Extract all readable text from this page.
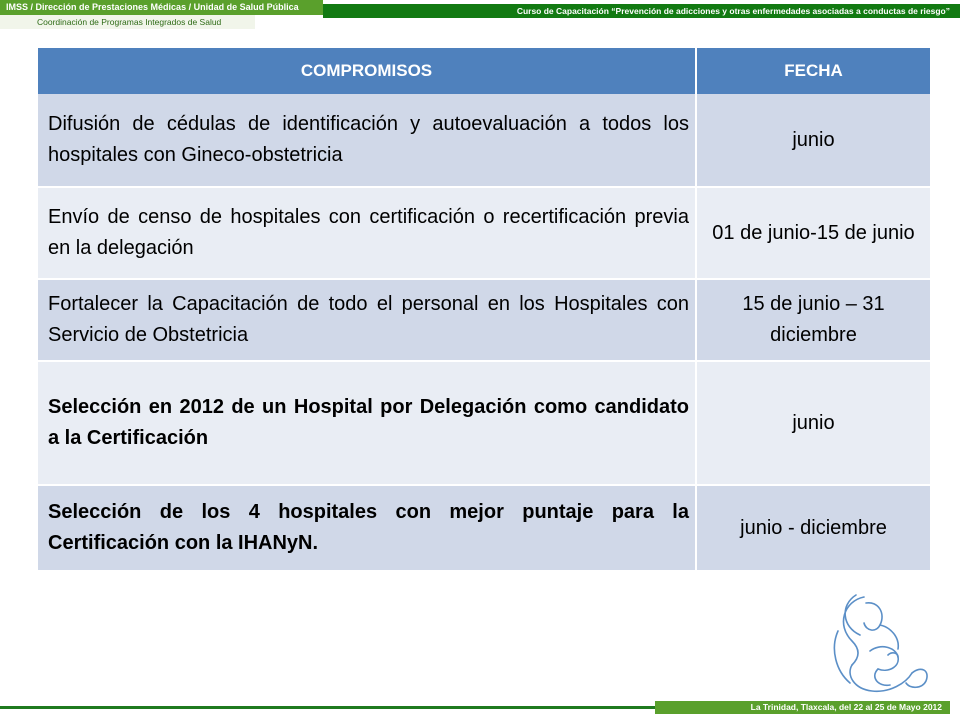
IMSS / Dirección de Prestaciones Médicas / Unidad de Salud Pública	Curso de Capacitación “Prevención de adicciones y otras enfermedades asociadas a conductas de riesgo”
Coordinación de Programas Integrados de Salud
COMPROMISOS	FECHA
Difusión de cédulas de identificación y autoevaluación a todos los hospitales con Gineco-obstetricia	junio
Envío de censo de hospitales con certificación o recertificación previa en la delegación	01 de junio-15 de junio
Fortalecer la Capacitación de todo el personal en los Hospitales con Servicio de Obstetricia	15 de junio – 31 diciembre
Selección en 2012 de un Hospital por Delegación como candidato a la Certificación	junio
Selección de los 4 hospitales con mejor puntaje para la Certificación con la IHANyN.	junio - diciembre
La Trinidad, Tlaxcala, del 22 al 25 de Mayo 2012
